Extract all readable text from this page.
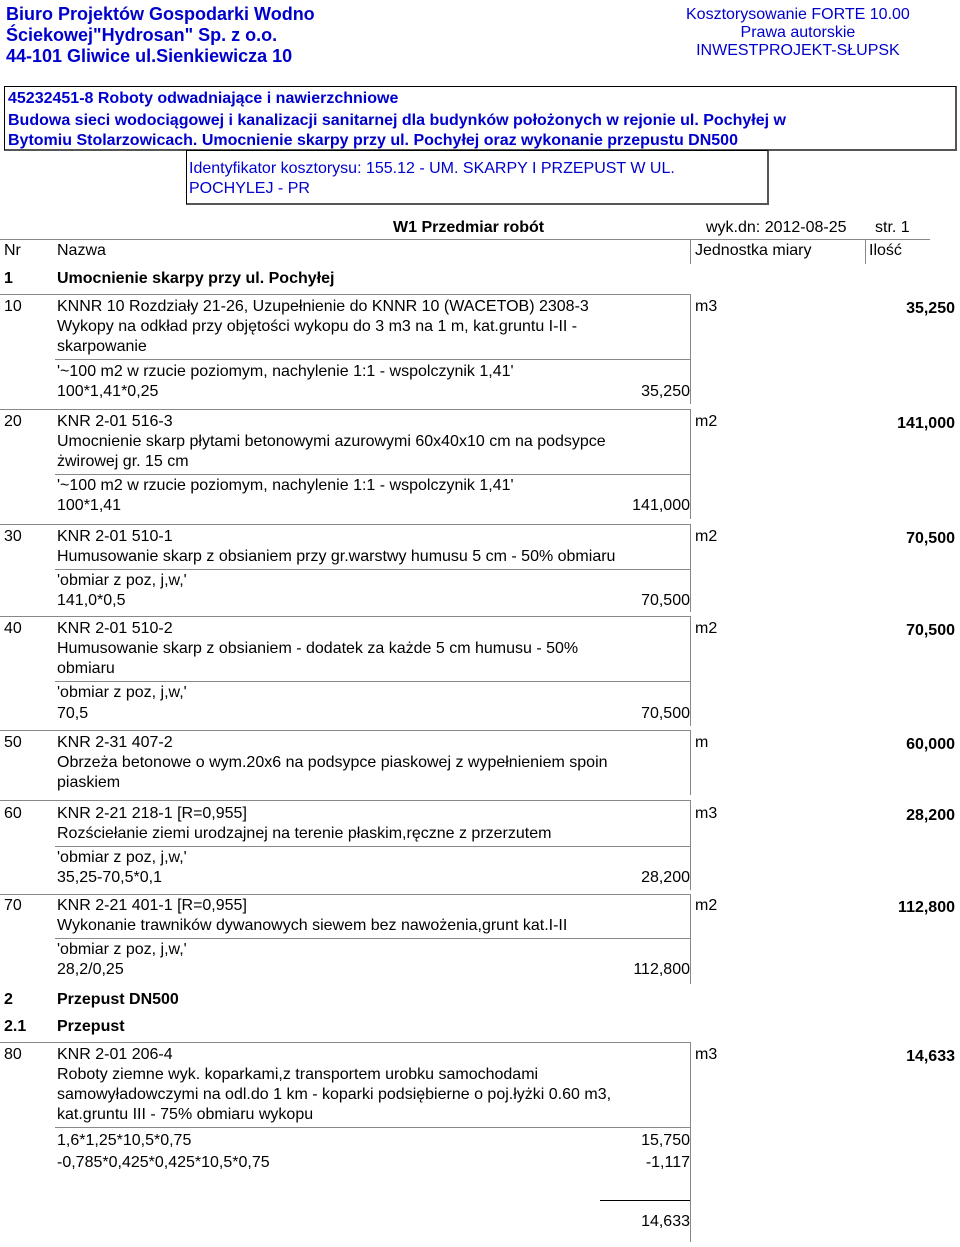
Biuro Projektów Gospodarki Wodno
Ściekowej"Hydrosan" Sp. z o.o.
44-101 Gliwice ul.Sienkiewicza 10
Kosztorysowanie FORTE 10.00
Prawa autorskie
INWESTPROJEKT-SŁUPSK
45232451-8 Roboty odwadniające i nawierzchniowe
Budowa sieci wodociągowej i kanalizacji sanitarnej dla budynków położonych w rejonie ul. Pochyłej w
Bytomiu Stolarzowicach. Umocnienie skarpy przy ul. Pochyłej oraz wykonanie przepustu DN500
Identyfikator kosztorysu: 155.12 - UM. SKARPY I PRZEPUST W UL.
POCHYLEJ - PR
W1 Przedmiar robót	wyk.dn: 2012-08-25 str. 1
Nr Nazwa	Jednostka miary	Ilość
1	Umocnienie skarpy przy ul. Pochyłej
10 KNNR 10 Rozdziały 21-26, Uzupełnienie do KNNR 10 (WACETOB) 2308-3
Wykopy na odkład przy objętości wykopu do 3 m3 na 1 m, kat.gruntu I-II -
skarpowanie
'~100 m2 w rzucie poziomym, nachylenie 1:1 - wspolczynik 1,41'
100*1,41*0,25	35,250
m3	35,250
20 KNR 2-01 516-3
Umocnienie skarp płytami betonowymi azurowymi 60x40x10 cm na podsypce
żwirowej gr. 15 cm
'~100 m2 w rzucie poziomym, nachylenie 1:1 - wspolczynik 1,41'
100*1,41	141,000
m2	141,000
30 KNR 2-01 510-1
Humusowanie skarp z obsianiem przy gr.warstwy humusu 5 cm - 50% obmiaru
'obmiar z poz, j,w,'
141,0*0,5	70,500
m2	70,500
40 KNR 2-01 510-2
Humusowanie skarp z obsianiem - dodatek za każde 5 cm humusu - 50%
obmiaru
'obmiar z poz, j,w,'
70,5	70,500
m2	70,500
50 KNR 2-31 407-2
Obrzeża betonowe o wym.20x6 na podsypce piaskowej z wypełnieniem spoin
piaskiem
m	60,000
60 KNR 2-21 218-1 [R=0,955]
Rozściełanie ziemi urodzajnej na terenie płaskim,ręczne z przerzutem
'obmiar z poz, j,w,'
35,25-70,5*0,1	28,200
m3	28,200
70 KNR 2-21 401-1 [R=0,955]
Wykonanie trawników dywanowych siewem bez nawożenia,grunt kat.I-II
'obmiar z poz, j,w,'
28,2/0,25	112,800
m2	112,800
2	Przepust DN500
2.1 Przepust
80 KNR 2-01 206-4
Roboty ziemne wyk. koparkami,z transportem urobku samochodami
samowyładowczymi na odl.do 1 km - koparki podsiębierne o poj.łyżki 0.60 m3,
kat.gruntu III - 75% obmiaru wykopu
1,6*1,25*10,5*0,75	15,750
-0,785*0,425*0,425*10,5*0,75	-1,117
14,633
m3	14,633
